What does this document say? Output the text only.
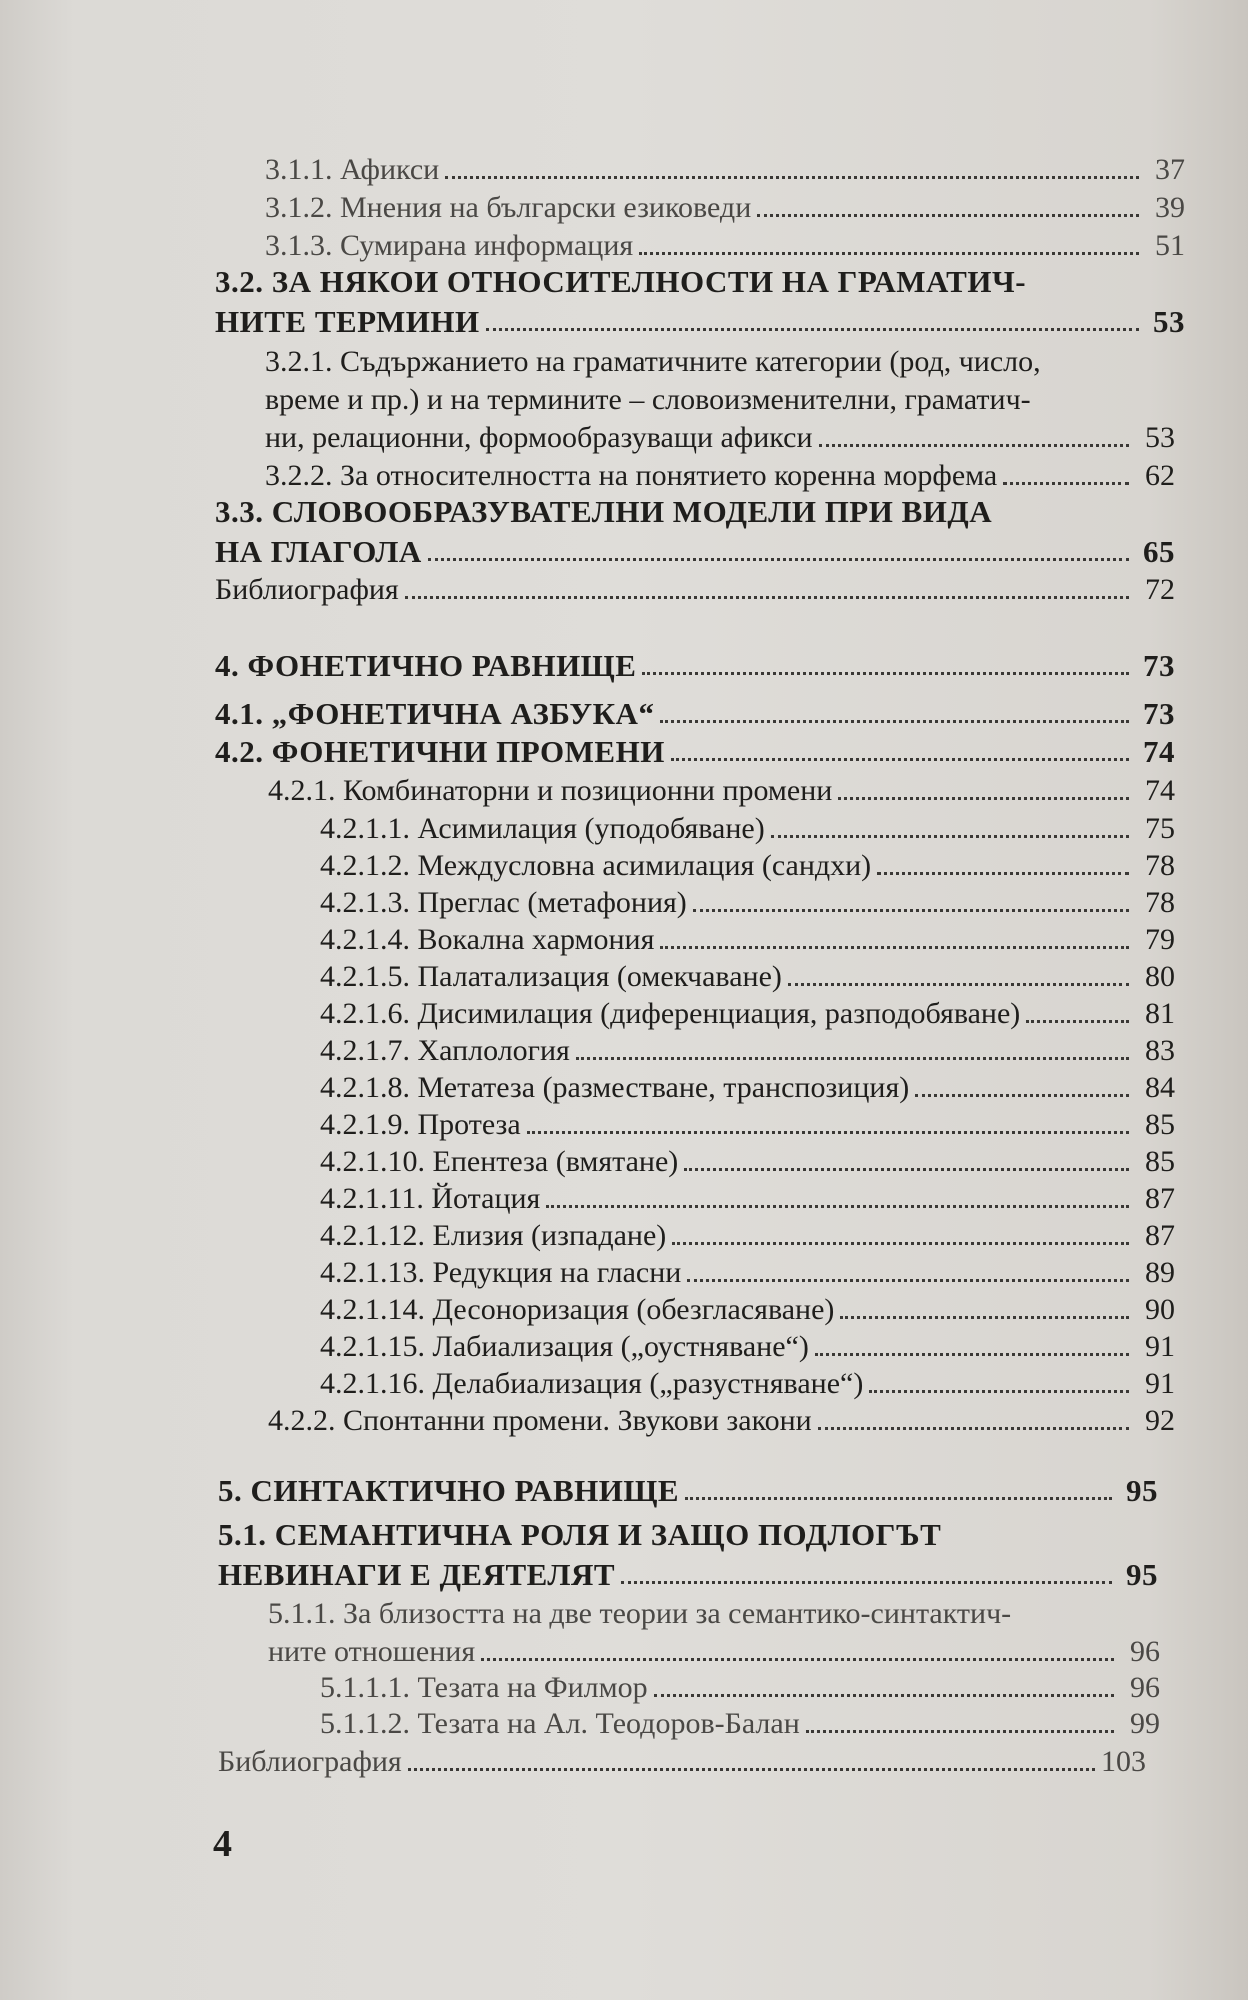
3.1.1. Афикси	37
3.1.2. Мнения на български езиковеди	39
3.1.3. Сумирана информация	51
3.2. ЗА НЯКОИ ОТНОСИТЕЛНОСТИ НА ГРАМАТИЧ-
НИТЕ ТЕРМИНИ	53
3.2.1. Съдържанието на граматичните категории (род, число,
време и пр.) и на термините – словоизменителни, граматич-
ни, релационни, формообразуващи афикси	53
3.2.2. За относителността на понятието коренна морфема	62
3.3. СЛОВООБРАЗУВАТЕЛНИ МОДЕЛИ ПРИ ВИДА
НА ГЛАГОЛА	65
Библиография	72
4. ФОНЕТИЧНО РАВНИЩЕ	73
4.1. „ФОНЕТИЧНА АЗБУКА“	73
4.2. ФОНЕТИЧНИ ПРОМЕНИ	74
4.2.1. Комбинаторни и позиционни промени	74
4.2.1.1. Асимилация (уподобяване)	75
4.2.1.2. Междусловна асимилация (сандхи)	78
4.2.1.3. Преглас (метафония)	78
4.2.1.4. Вокална хармония	79
4.2.1.5. Палатализация (омекчаване)	80
4.2.1.6. Дисимилация (диференциация, разподобяване)	81
4.2.1.7. Хаплология	83
4.2.1.8. Метатеза (разместване, транспозиция)	84
4.2.1.9. Протеза	85
4.2.1.10. Епентеза (вмятане)	85
4.2.1.11. Йотация	87
4.2.1.12. Елизия (изпадане)	87
4.2.1.13. Редукция на гласни	89
4.2.1.14. Десоноризация (обезгласяване)	90
4.2.1.15. Лабиализация („оустняване“)	91
4.2.1.16. Делабиализация („разустняване“)	91
4.2.2. Спонтанни промени. Звукови закони	92
5. СИНТАКТИЧНО РАВНИЩЕ	95
5.1. СЕМАНТИЧНА РОЛЯ И ЗАЩО ПОДЛОГЪТ
НЕВИНАГИ Е ДЕЯТЕЛЯТ	95
5.1.1. За близостта на две теории за семантико-синтактич-
ните отношения	96
5.1.1.1. Тезата на Филмор	96
5.1.1.2. Тезата на Ал. Теодоров-Балан	99
Библиография	103
4
